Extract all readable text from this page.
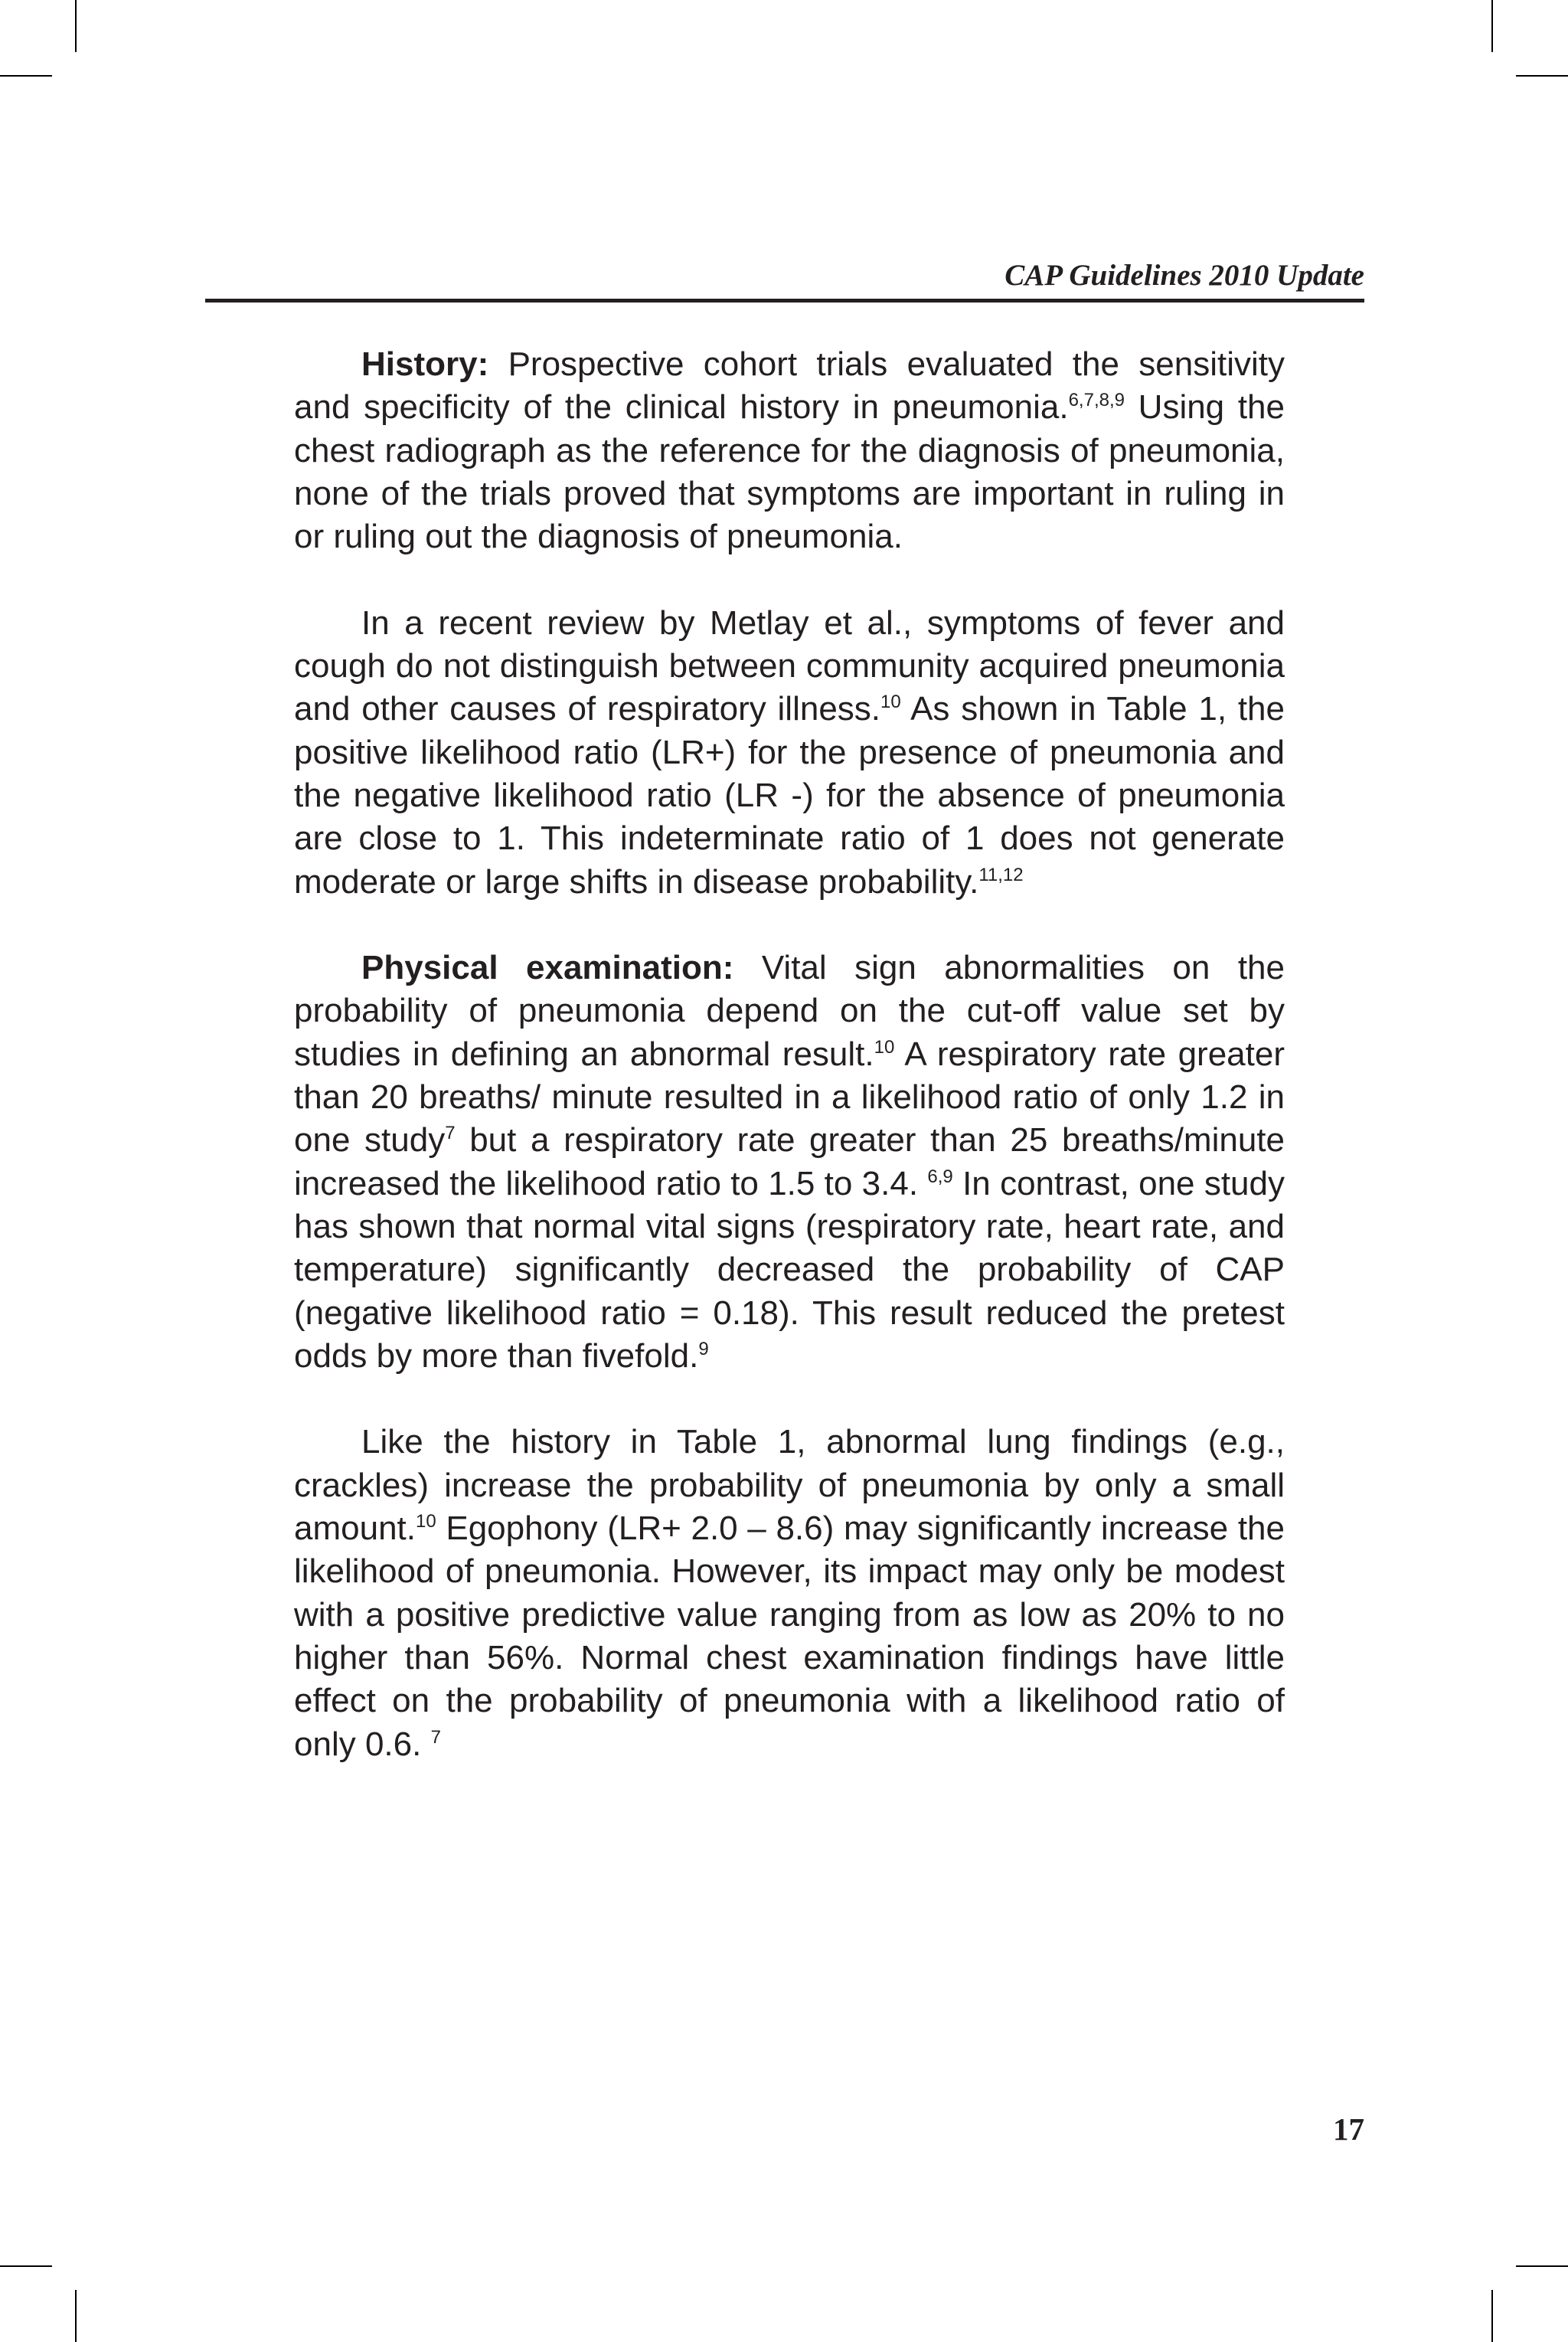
CAP Guidelines 2010 Update

History: Prospective cohort trials evaluated the sensitivity and specificity of the clinical history in pneumonia.$^{6,7,8,9}$ Using the chest radiograph as the reference for the diagnosis of pneumonia, none of the trials proved that symptoms are important in ruling in or ruling out the diagnosis of pneumonia.

In a recent review by Metlay et al., symptoms of fever and cough do not distinguish between community acquired pneumonia and other causes of respiratory illness.$^{10}$ As shown in Table 1, the positive likelihood ratio (LR+) for the presence of pneumonia and the negative likelihood ratio (LR -) for the absence of pneumonia are close to 1. This indeterminate ratio of 1 does not generate moderate or large shifts in disease probability.$^{11,12}$

Physical examination: Vital sign abnormalities on the probability of pneumonia depend on the cut-off value set by studies in defining an abnormal result.$^{10}$ A respiratory rate greater than 20 breaths/ minute resulted in a likelihood ratio of only 1.2 in one study$^7$ but a respiratory rate greater than 25 breaths/minute increased the likelihood ratio to 1.5 to 3.4. $^{6,9}$ In contrast, one study has shown that normal vital signs (respiratory rate, heart rate, and temperature) significantly decreased the probability of CAP (negative likelihood ratio = 0.18). This result reduced the pretest odds by more than fivefold.$^9$

Like the history in Table 1, abnormal lung findings (e.g., crackles) increase the probability of pneumonia by only a small amount.$^{10}$ Egophony (LR+ 2.0 – 8.6) may significantly increase the likelihood of pneumonia. However, its impact may only be modest with a positive predictive value ranging from as low as 20% to no higher than 56%. Normal chest examination findings have little effect on the probability of pneumonia with a likelihood ratio of only 0.6. $^7$

17
